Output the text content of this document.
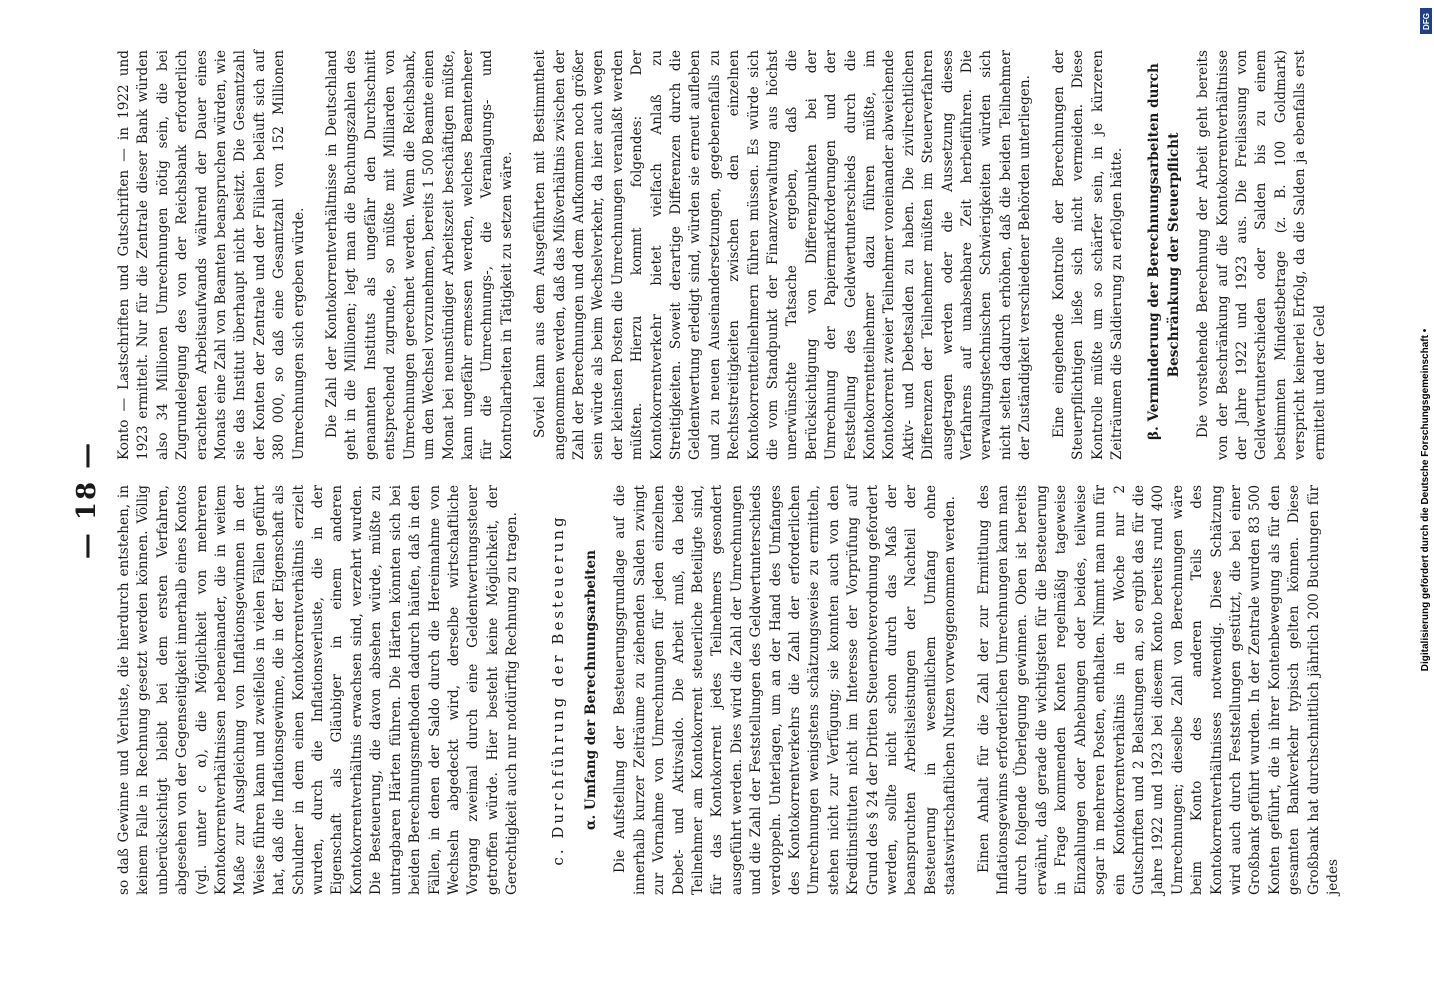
— 18 — so daß Gewinne und Verluste, die hierdurch entstehen, in keinem Falle in Rechnung gesetzt werden können. Völlig unberücksichtigt bleibt bei dem ersten Verfahren, abgesehen von der Gegenseitigkeit innerhalb eines Kontos (vgl. unter c α), die Möglichkeit von mehreren Kontokorrentverhältnissen nebeneinander, die in weitem Maße zur Ausgleichung von Inflationsgewinnen in der Weise führen kann und zweifellos in vielen Fällen geführt hat, daß die Inflationsgewinne, die in der Eigenschaft als Schuldner in dem einen Kontokorrentverhältnis erzielt wurden, durch die Inflationsverluste, die in der Eigenschaft als Gläubiger in einem anderen Kontokorrentverhältnis erwachsen sind, verzehrt wurden. Die Besteuerung, die davon absehen würde, müßte zu untragbaren Härten führen. Die Härten könnten sich bei beiden Berechnungsmethoden dadurch häufen, daß in den Fällen, in denen der Saldo durch die Hereinnahme von Wechseln abgedeckt wird, derselbe wirtschaftliche Vorgang zweimal durch eine Geldentwertungssteuer getroffen würde. Hier besteht keine Möglichkeit, der Gerechtigkeit auch nur notdürftig Rechnung zu tragen. c. Durchführung der Besteuerung α. Umfang der Berechnungsarbeiten Die Aufstellung der Besteuerungsgrundlage auf die innerhalb kurzer Zeiträume zu ziehenden Salden zwingt zur Vornahme von Umrechnungen für jeden einzelnen Debet- und Aktivsaldo. Die Arbeit muß, da beide Teilnehmer am Kontokorrent steuerliche Beteiligte sind, für das Kontokorrent jedes Teilnehmers gesondert ausgeführt werden. Dies wird die Zahl der Umrechnungen und die Zahl der Feststellungen des Geldwertunterschieds verdoppeln. Unterlagen, um an der Hand des Umfanges des Kontokorrentverkehrs die Zahl der erforderlichen Umrechnungen wenigstens schätzungsweise zu ermitteln, stehen nicht zur Verfügung; sie konnten auch von den Kreditinstituten nicht im Interesse der Vorprüfung auf Grund des § 24 der Dritten Steuernotverordnung gefordert werden, sollte nicht schon durch das Maß der beanspruchten Arbeitsleistungen der Nachteil der Besteuerung in wesentlichem Umfang ohne staatswirtschaftlichen Nutzen vorweggenommen werden. Einen Anhalt für die Zahl der zur Ermittlung des Inflationsgewinns erforderlichen Umrechnungen kann man durch folgende Überlegung gewinnen. Oben ist bereits erwähnt, daß gerade die wichtigsten für die Besteuerung in Frage kommenden Konten regelmäßig tageweise Einzahlungen oder Abhebungen oder beides, teilweise sogar in mehreren Posten, enthalten. Nimmt man nun für ein Kontokorrentverhältnis in der Woche nur 2 Gutschriften und 2 Belastungen an, so ergibt das für die Jahre 1922 und 1923 bei diesem Konto bereits rund 400 Umrechnungen; dieselbe Zahl von Berechnungen wäre beim Konto des anderen Teils des Kontokorrentverhältnisses notwendig. Diese Schätzung wird auch durch Feststellungen gestützt, die bei einer Großbank geführt wurden. In der Zentrale wurden 83 500 Konten geführt, die in ihrer Kontenbewegung als für den gesamten Bankverkehr typisch gelten können. Diese Großbank hat durchschnittlich jährlich 200 Buchungen für jedes

Konto — Lastschriften und Gutschriften — in 1922 und 1923 ermittelt. Nur für die Zentrale dieser Bank würden also 34 Millionen Umrechnungen nötig sein, die bei Zugrundelegung des von der Reichsbank erforderlich erachteten Arbeitsaufwands während der Dauer eines Monats eine Zahl von Beamten beanspruchen würden, wie sie das Institut überhaupt nicht besitzt. Die Gesamtzahl der Konten der Zentrale und der Filialen beläuft sich auf 380 000, so daß eine Gesamtzahl von 152 Millionen Umrechnungen sich ergeben würde. Die Zahl der Kontokorrentverhältnisse in Deutschland geht in die Millionen; legt man die Buchungszahlen des genannten Instituts als ungefähr den Durchschnitt entsprechend zugrunde, so müßte mit Milliarden von Umrechnungen gerechnet werden. Wenn die Reichsbank, um den Wechsel vorzunehmen, bereits 1 500 Beamte einen Monat bei neunstündiger Arbeitszeit beschäftigen müßte, kann ungefähr ermessen werden, welches Beamtenheer für die Umrechnungs-, die Veranlagungs- und Kontrollarbeiten in Tätigkeit zu setzen wäre. Soviel kann aus dem Ausgeführten mit Bestimmtheit angenommen werden, daß das Mißverhältnis zwischen der Zahl der Berechnungen und dem Aufkommen noch größer sein würde als beim Wechselverkehr, da hier auch wegen der kleinsten Posten die Umrechnungen veranlaßt werden müßten. Hierzu kommt folgendes: Der Kontokorrentverkehr bietet vielfach Anlaß zu Streitigkeiten. Soweit derartige Differenzen durch die Geldentwertung erledigt sind, würden sie erneut aufleben und zu neuen Auseinandersetzungen, gegebenenfalls zu Rechtsstreitigkeiten zwischen den einzelnen Kontokorrentteilnehmern führen müssen. Es würde sich die vom Standpunkt der Finanzverwaltung aus höchst unerwünschte Tatsache ergeben, daß die Berücksichtigung von Differenzpunkten bei der Umrechnung der Papiermarkforderungen und der Feststellung des Geldwertunterschieds durch die Kontokorrentteilnehmer dazu führen müßte, im Kontokorrent zweier Teilnehmer voneinander abweichende Aktiv- und Debetsalden zu haben. Die zivilrechtlichen Differenzen der Teilnehmer müßten im Steuerverfahren ausgetragen werden oder die Aussetzung dieses Verfahrens auf unabsehbare Zeit herbeiführen. Die verwaltungstechnischen Schwierigkeiten würden sich nicht selten dadurch erhöhen, daß die beiden Teilnehmer der Zuständigkeit verschiedener Behörden unterliegen. Eine eingehende Kontrolle der Berechnungen der Steuerpflichtigen ließe sich nicht vermeiden. Diese Kontrolle müßte um so schärfer sein, in je kürzeren Zeiträumen die Saldierung zu erfolgen hätte. β. Verminderung der Berechnungsarbeiten durch Beschränkung der Steuerpflicht Die vorstehende Berechnung der Arbeit geht bereits von der Beschränkung auf die Kontokorrentverhältnisse der Jahre 1922 und 1923 aus. Die Freilassung von Geldwertunterschieden oder Salden bis zu einem bestimmten Mindestbetrage (z. B. 100 Goldmark) verspricht keinerlei Erfolg, da die Salden ja ebenfalls erst ermittelt und der Geld	Digitalisierung gefördert durch die Deutsche Forschungsgemeinschaft •
DFG
